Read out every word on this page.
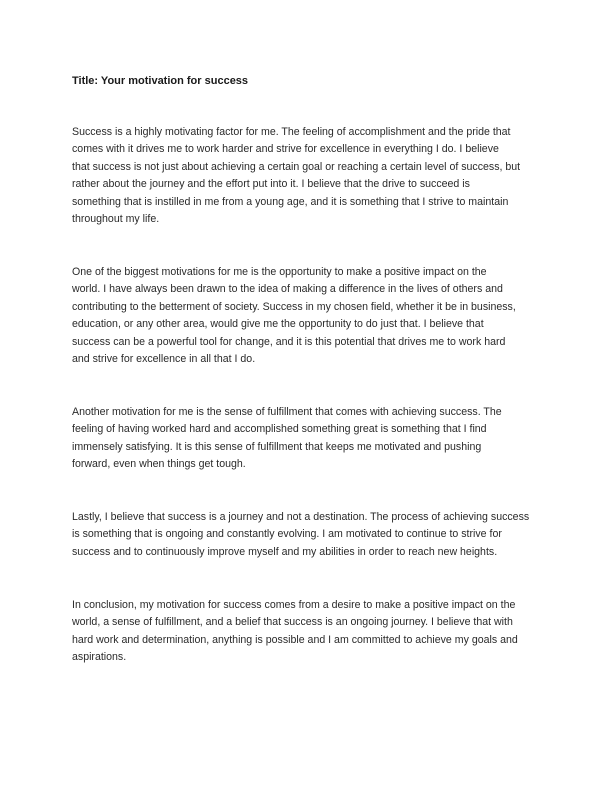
Title: Your motivation for success
Success is a highly motivating factor for me. The feeling of accomplishment and the pride that
comes with it drives me to work harder and strive for excellence in everything I do. I believe
that success is not just about achieving a certain goal or reaching a certain level of success, but
rather about the journey and the effort put into it. I believe that the drive to succeed is
something that is instilled in me from a young age, and it is something that I strive to maintain
throughout my life.
One of the biggest motivations for me is the opportunity to make a positive impact on the
world. I have always been drawn to the idea of making a difference in the lives of others and
contributing to the betterment of society. Success in my chosen field, whether it be in business,
education, or any other area, would give me the opportunity to do just that. I believe that
success can be a powerful tool for change, and it is this potential that drives me to work hard
and strive for excellence in all that I do.
Another motivation for me is the sense of fulfillment that comes with achieving success. The
feeling of having worked hard and accomplished something great is something that I find
immensely satisfying. It is this sense of fulfillment that keeps me motivated and pushing
forward, even when things get tough.
Lastly, I believe that success is a journey and not a destination. The process of achieving success
is something that is ongoing and constantly evolving. I am motivated to continue to strive for
success and to continuously improve myself and my abilities in order to reach new heights.
In conclusion, my motivation for success comes from a desire to make a positive impact on the
world, a sense of fulfillment, and a belief that success is an ongoing journey. I believe that with
hard work and determination, anything is possible and I am committed to achieve my goals and
aspirations.
